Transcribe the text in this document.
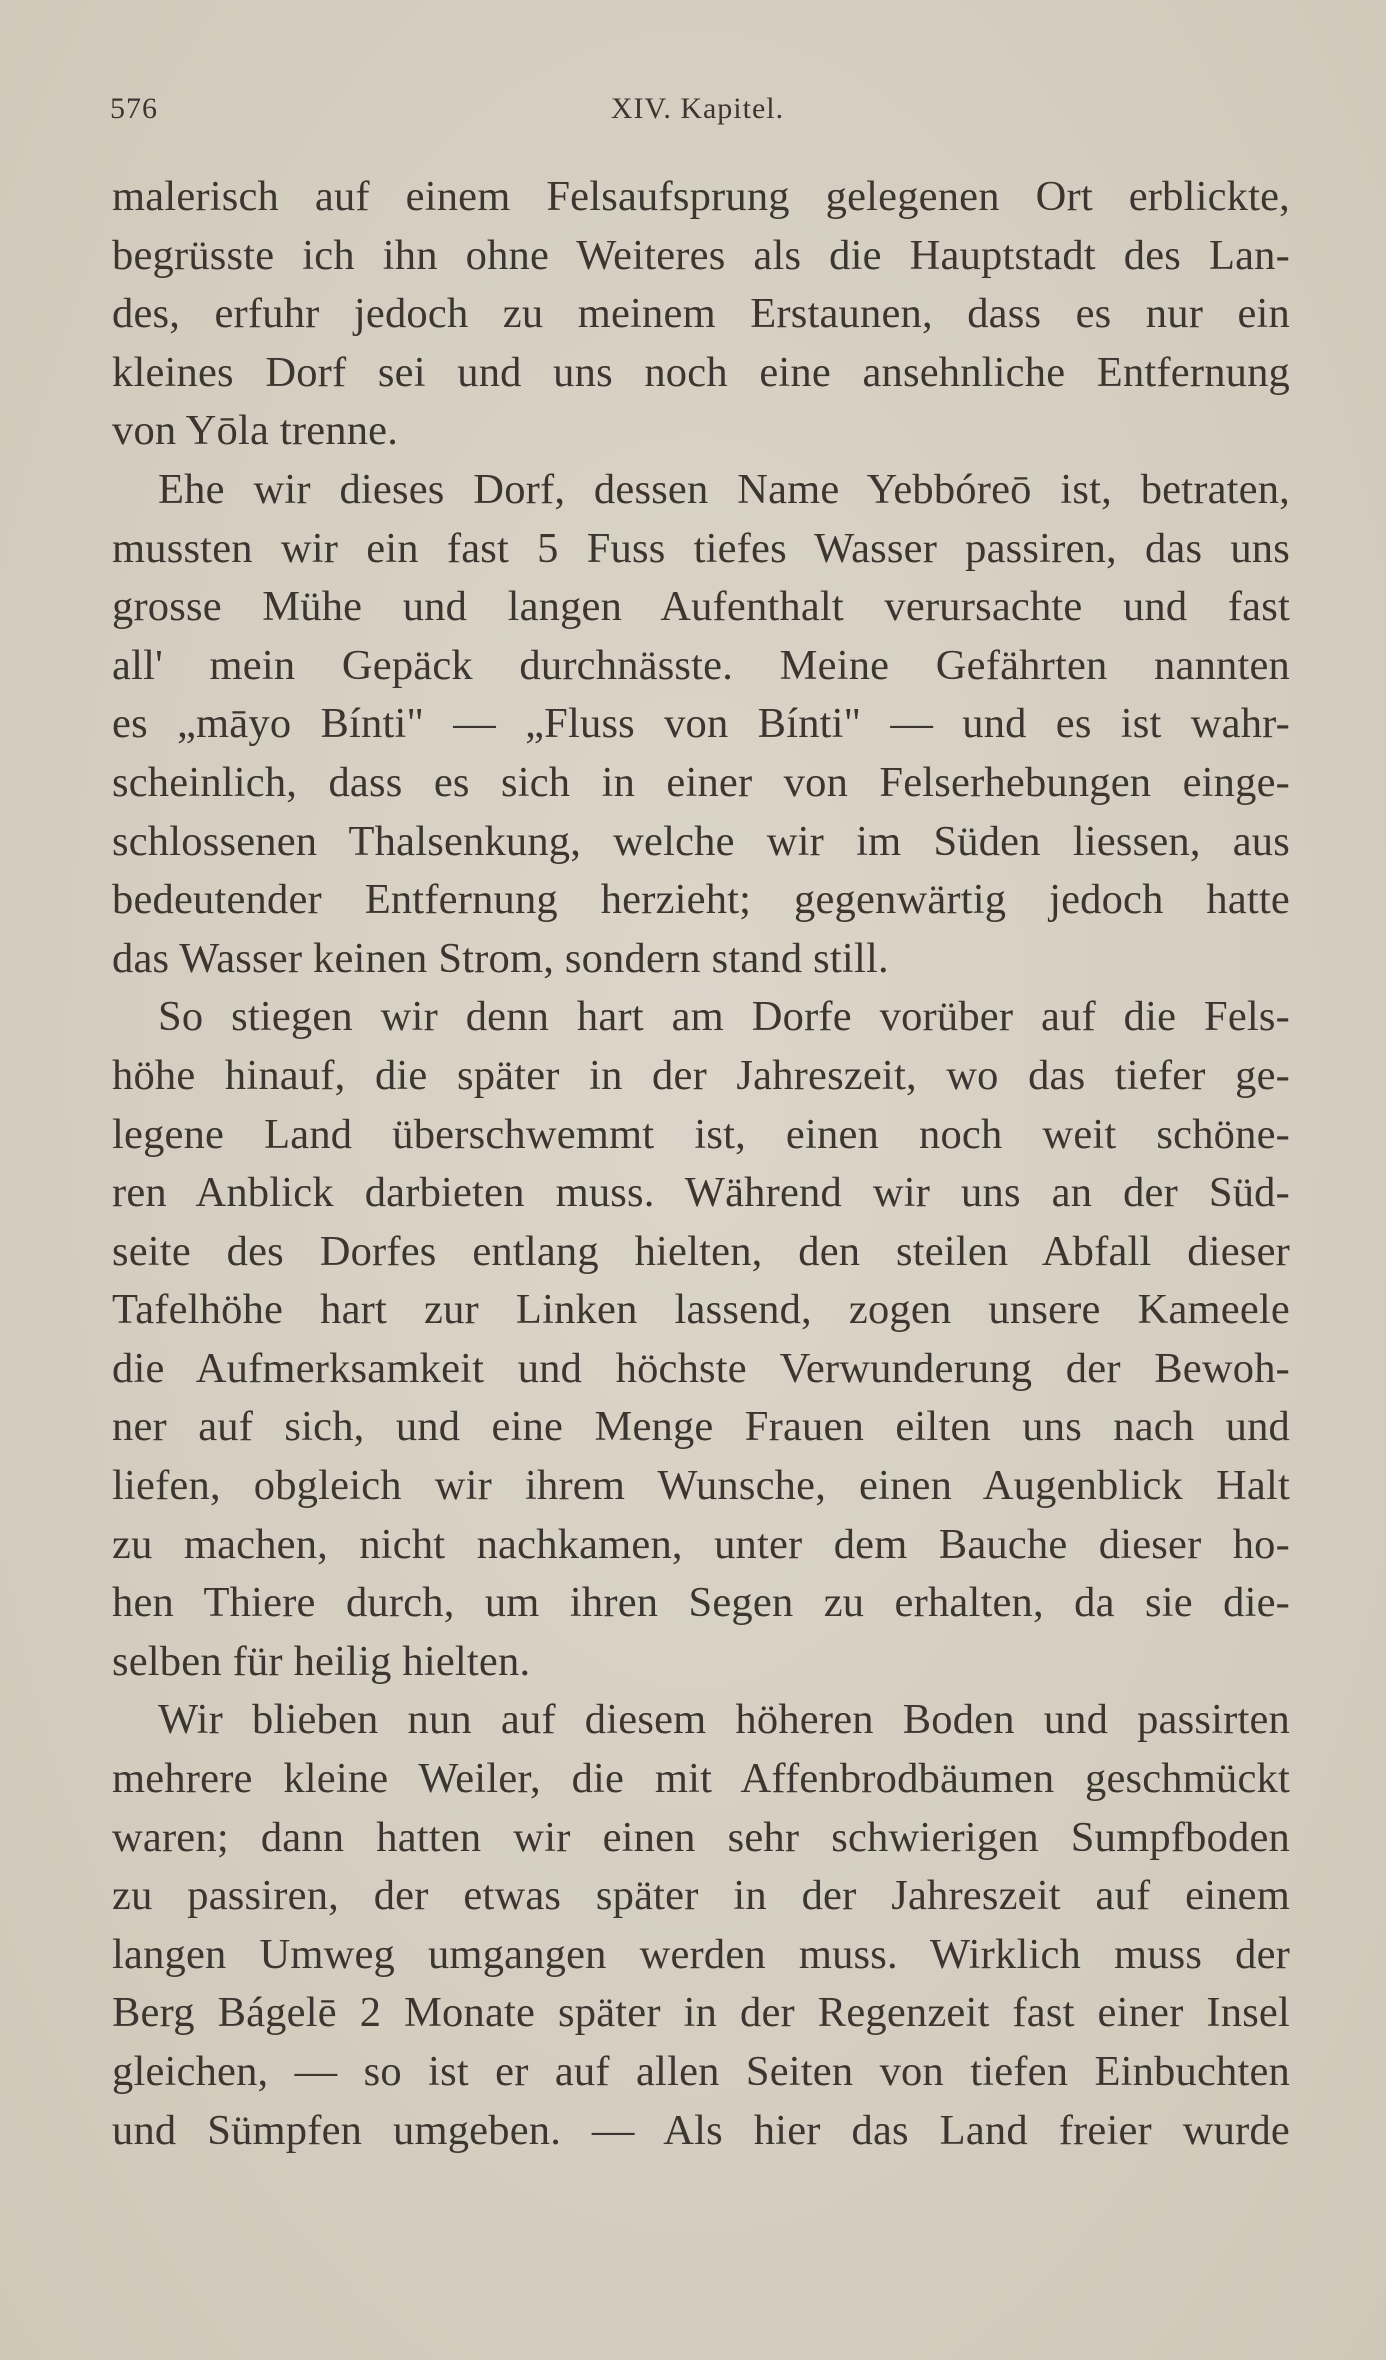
576	XIV. Kapitel.
malerisch auf einem Felsaufsprung gelegenen Ort erblickte,
begrüsste ich ihn ohne Weiteres als die Hauptstadt des Lan-
des, erfuhr jedoch zu meinem Erstaunen, dass es nur ein
kleines Dorf sei und uns noch eine ansehnliche Entfernung
von Yōla trenne.
Ehe wir dieses Dorf, dessen Name Yebbóreō ist, betraten,
mussten wir ein fast 5 Fuss tiefes Wasser passiren, das uns
grosse Mühe und langen Aufenthalt verursachte und fast
all' mein Gepäck durchnässte. Meine Gefährten nannten
es „māyo Bínti" — „Fluss von Bínti" — und es ist wahr-
scheinlich, dass es sich in einer von Felserhebungen einge-
schlossenen Thalsenkung, welche wir im Süden liessen, aus
bedeutender Entfernung herzieht; gegenwärtig jedoch hatte
das Wasser keinen Strom, sondern stand still.
So stiegen wir denn hart am Dorfe vorüber auf die Fels-
höhe hinauf, die später in der Jahreszeit, wo das tiefer ge-
legene Land überschwemmt ist, einen noch weit schöne-
ren Anblick darbieten muss. Während wir uns an der Süd-
seite des Dorfes entlang hielten, den steilen Abfall dieser
Tafelhöhe hart zur Linken lassend, zogen unsere Kameele
die Aufmerksamkeit und höchste Verwunderung der Bewoh-
ner auf sich, und eine Menge Frauen eilten uns nach und
liefen, obgleich wir ihrem Wunsche, einen Augenblick Halt
zu machen, nicht nachkamen, unter dem Bauche dieser ho-
hen Thiere durch, um ihren Segen zu erhalten, da sie die-
selben für heilig hielten.
Wir blieben nun auf diesem höheren Boden und passirten
mehrere kleine Weiler, die mit Affenbrodbäumen geschmückt
waren; dann hatten wir einen sehr schwierigen Sumpfboden
zu passiren, der etwas später in der Jahreszeit auf einem
langen Umweg umgangen werden muss. Wirklich muss der
Berg Bágelē 2 Monate später in der Regenzeit fast einer Insel
gleichen, — so ist er auf allen Seiten von tiefen Einbuchten
und Sümpfen umgeben. — Als hier das Land freier wurde
